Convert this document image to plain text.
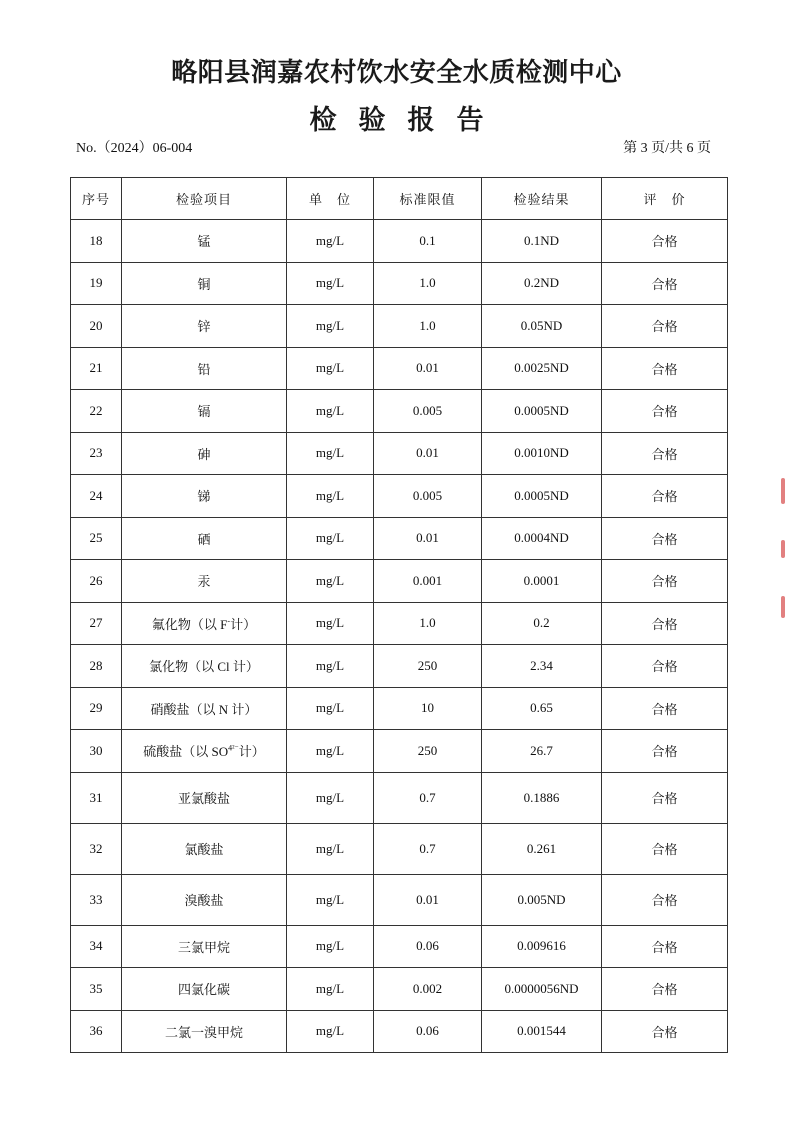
略阳县润嘉农村饮水安全水质检测中心
检验报告
No.（2024）06-004	第 3 页/共 6 页
序号	检验项目	单　位	标准限值	检验结果	评　价
18	锰	mg/L	0.1	0.1ND	合格
19	铜	mg/L	1.0	0.2ND	合格
20	锌	mg/L	1.0	0.05ND	合格
21	铅	mg/L	0.01	0.0025ND	合格
22	镉	mg/L	0.005	0.0005ND	合格
23	砷	mg/L	0.01	0.0010ND	合格
24	锑	mg/L	0.005	0.0005ND	合格
25	硒	mg/L	0.01	0.0004ND	合格
26	汞	mg/L	0.001	0.0001	合格
27	氟化物（以 F-计）	mg/L	1.0	0.2	合格
28	氯化物（以 Cl 计）	mg/L	250	2.34	合格
29	硝酸盐（以 N 计）	mg/L	10	0.65	合格
30	硫酸盐（以 $SO^{4^{2-}}$计）	mg/L	250	26.7	合格
31	亚氯酸盐	mg/L	0.7	0.1886	合格
32	氯酸盐	mg/L	0.7	0.261	合格
33	溴酸盐	mg/L	0.01	0.005ND	合格
34	三氯甲烷	mg/L	0.06	0.009616	合格
35	四氯化碳	mg/L	0.002	0.0000056ND	合格
36	二氯一溴甲烷	mg/L	0.06	0.001544	合格
